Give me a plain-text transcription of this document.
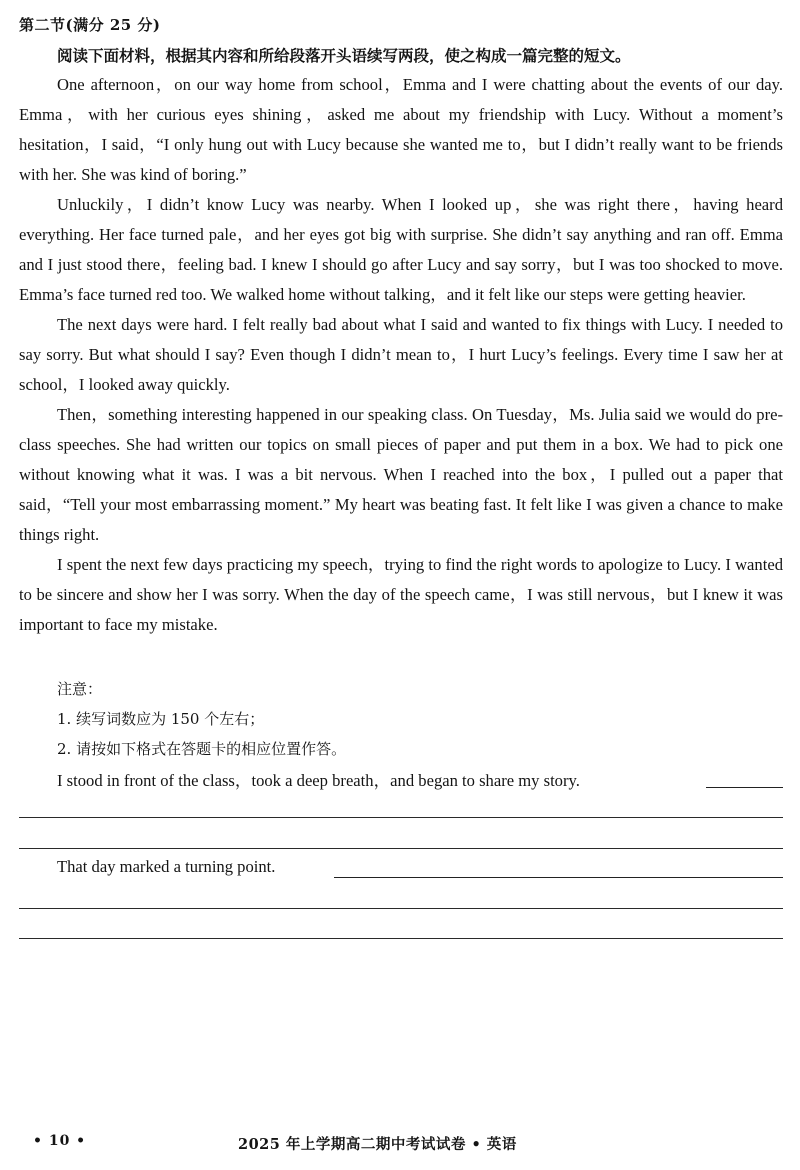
第二节(满分 25 分)
阅读下面材料，根据其内容和所给段落开头语续写两段，使之构成一篇完整的短文。

One afternoon，on our way home from school，Emma and I were chatting about the events of our day. Emma，with her curious eyes shining，asked me about my friendship with Lucy. Without a moment’s hesitation，I said，“I only hung out with Lucy because she wanted me to，but I didn’t really want to be friends with her. She was kind of boring.”

Unluckily，I didn’t know Lucy was nearby. When I looked up，she was right there，having heard everything. Her face turned pale，and her eyes got big with surprise. She didn’t say anything and ran off. Emma and I just stood there，feeling bad. I knew I should go after Lucy and say sorry，but I was too shocked to move. Emma’s face turned red too. We walked home without talking，and it felt like our steps were getting heavier.

The next days were hard. I felt really bad about what I said and wanted to fix things with Lucy. I needed to say sorry. But what should I say? Even though I didn’t mean to，I hurt Lucy’s feelings. Every time I saw her at school，I looked away quickly.

Then，something interesting happened in our speaking class. On Tuesday，Ms. Julia said we would do pre-class speeches. She had written our topics on small pieces of paper and put them in a box. We had to pick one without knowing what it was. I was a bit nervous. When I reached into the box，I pulled out a paper that said，“Tell your most embarrassing moment.” My heart was beating fast. It felt like I was given a chance to make things right.

I spent the next few days practicing my speech，trying to find the right words to apologize to Lucy. I wanted to be sincere and show her I was sorry. When the day of the speech came，I was still nervous，but I knew it was important to face my mistake.

注意：
1. 续写词数应为 150 个左右；
2. 请按如下格式在答题卡的相应位置作答。
I stood in front of the class，took a deep breath，and began to share my story.
That day marked a turning point.
• 10 •	2025 年上学期高二期中考试试卷 • 英语
